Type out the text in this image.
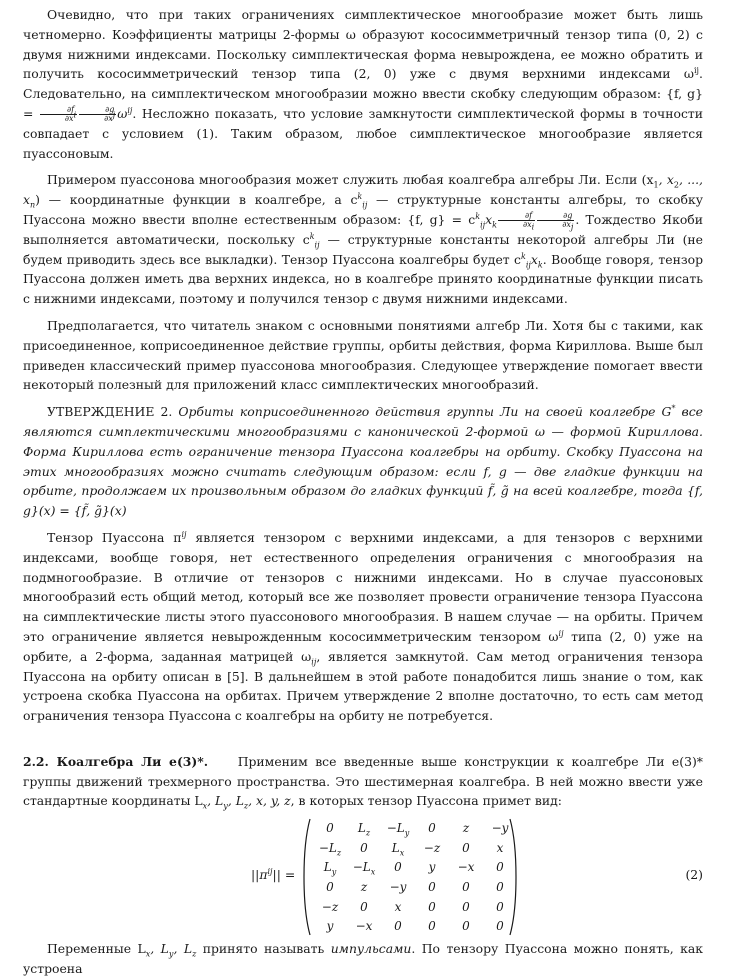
Очевидно, что при таких ограничениях симплектическое многообразие может быть лишь четномерно. Коэффициенты матрицы 2-формы ω образуют кососимметричный тензор типа (0, 2) с двумя нижними индексами. Поскольку симплектическая форма невырождена, ее можно обратить и получить кососимметрический тензор типа (2, 0) уже с двумя верхними индексами $\omega^{ij}$. Следовательно, на симплектическом многообразии можно ввести скобку следующим образом: {f, $g\} = \frac{\partial f}{\partial x^i} \frac{\partial g}{\partial x^j} \omega^{ij}$. Несложно показать, что условие замкнутости симплектической формы в точности совпадает с условием (1). Таким образом, любое симплектическое многообразие является пуассоновым.

Примером пуассонова многообразия может служить любая коалгебра алгебры Ли. Если ($x_1$, $x_2$, ..., $x_n$) — координатные функции в коалгебре, а $c^k_{ij}$ — структурные константы алгебры, то скобку Пуассона можно ввести вполне естественным образом: {f, $g\} = c^k_{ij}x_k \frac{\partial f}{\partial x_i} \frac{\partial g}{\partial x_j}$ . Тождество Якоби выполняется автоматически, поскольку $c^k_{ij}$ — структурные константы некоторой алгебры Ли (не будем приводить здесь все выкладки). Тензор Пуассона коалгебры будет $c^k_{ij}x_k$. Вообще говоря, тензор Пуассона должен иметь два верхних индекса, но в коалгебре принято координатные функции писать с нижними индексами, поэтому и получился тензор с двумя нижними индексами.

Предполагается, что читатель знаком с основными понятиями алгебр Ли. Хотя бы с такими, как присоединенное, коприсоединенное действие группы, орбиты действия, форма Кириллова. Выше был приведен классический пример пуассонова многообразия. Следующее утверждение помогает ввести некоторый полезный для приложений класс симплектических многообразий.

УТВЕРЖДЕНИЕ 2. Орбиты коприсоединенного действия группы Ли на своей коалгебре G* все являются симплектическими многообразиями с канонической 2-формой ω — формой Кириллова. Форма Кириллова есть ограничение тензора Пуассона коалгебры на орбиту. Скобку Пуассона на этих многообразиях можно считать следующим образом: если f, g — две гладкие функции на орбите, продолжаем их произвольным образом до гладких функций f̃, g̃ на всей коалгебре, тогда {f, g}(x) = {f̃, g̃}(x)

Тензор Пуассона $\pi^{ij}$ является тензором с верхними индексами, а для тензоров с верхними индексами, вообще говоря, нет естественного определения ограничения с многообразия на подмногообразие. В отличие от тензоров с нижними индексами. Но в случае пуассоновых многообразий есть общий метод, который все же позволяет провести ограничение тензора Пуассона на симплектические листы этого пуассонового многообразия. В нашем случае — на орбиты. Причем это ограничение является невырожденным кососимметрическим тензором $\omega^{ij}$ типа (2, 0) уже на орбите, а 2-форма, заданная матрицей $\omega_{ij}$, является замкнутой. Сам метод ограничения тензора Пуассона на орбиту описан в [5]. В дальнейшем в этой работе понадобится лишь знание о том, как устроена скобка Пуассона на орбитах. Причем утверждение 2 вполне достаточно, то есть сам метод ограничения тензора Пуассона с коалгебры на орбиту не потребуется.

2.2. Коалгебра Ли e(3)*. Применим все введенные выше конструкции к коалгебре Ли e(3)* группы движений трехмерного пространства. Это шестимерная коалгебра. В ней можно ввести уже стандартные координаты $L_x$, $L_y$, $L_z$, x, y, z, в которых тензор Пуассона примет вид:

$||\pi^{ij}||$ =
0	$L_z$	$-L_y$	0	z	−y
$-L_z$	0	$L_x$	−z	0	x
$L_y$	$-L_x$	0	y	−x	0
0	z	−y	0	0	0
−z	0	x	0	0	0
y	−x	0	0	0	0
(2)

Переменные $L_x$, $L_y$, $L_z$ принято называть импульсами. По тензору Пуассона можно понять, как устроена
